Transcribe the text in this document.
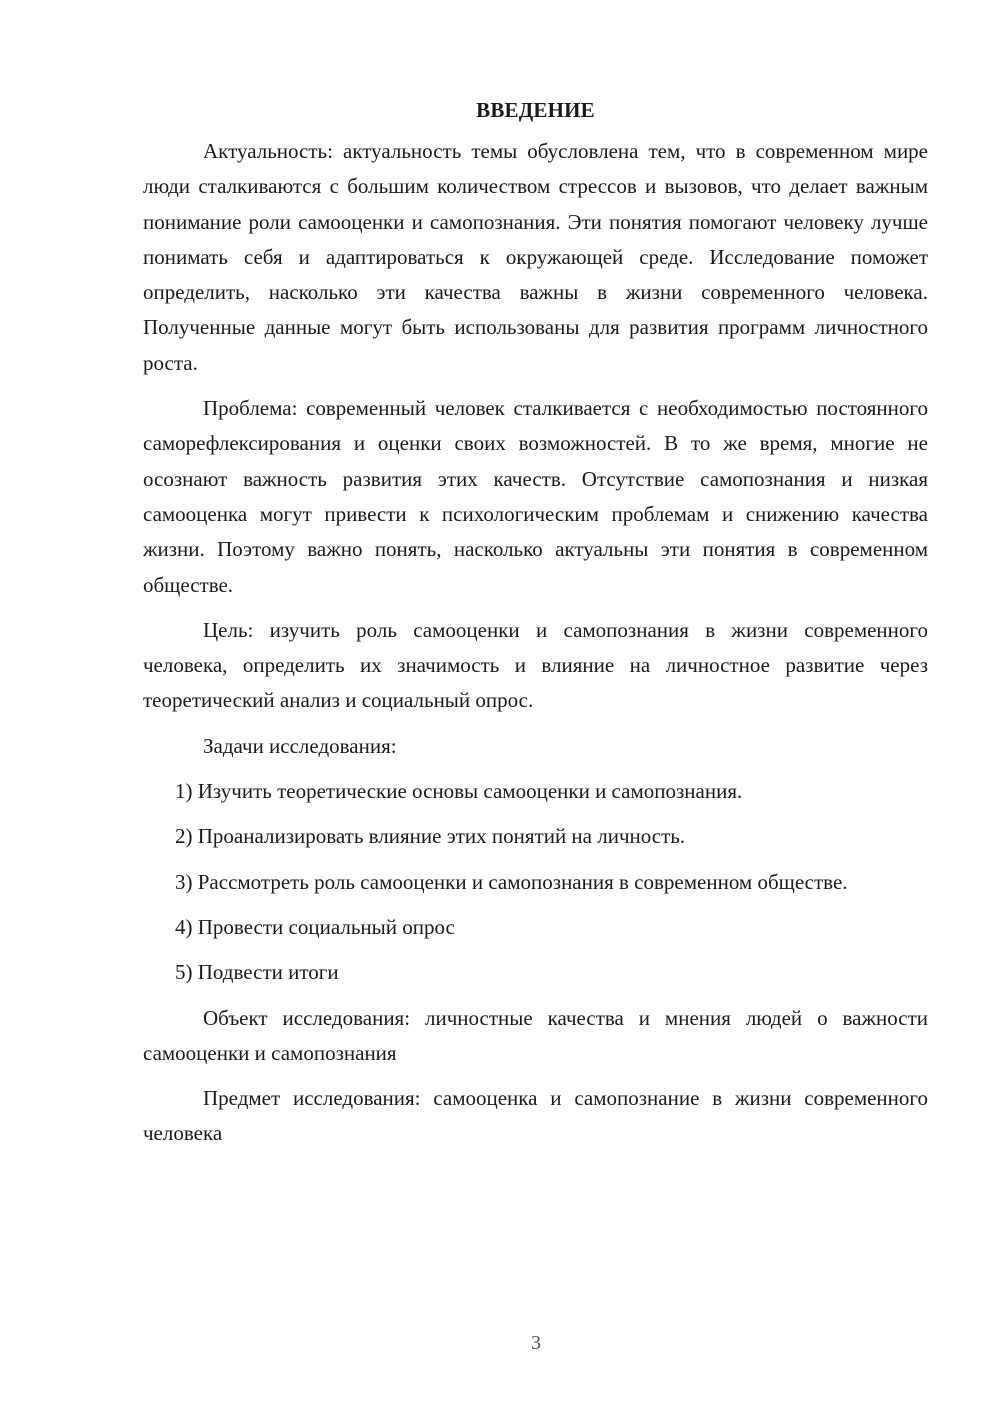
ВВЕДЕНИЕ

Актуальность: актуальность темы обусловлена тем, что в современном мире люди сталкиваются с большим количеством стрессов и вызовов, что делает важным понимание роли самооценки и самопознания. Эти понятия помогают человеку лучше понимать себя и адаптироваться к окружающей среде. Исследование поможет определить, насколько эти качества важны в жизни современного человека. Полученные данные могут быть использованы для развития программ личностного роста.

Проблема: современный человек сталкивается с необходимостью постоянного саморефлексирования и оценки своих возможностей. В то же время, многие не осознают важность развития этих качеств. Отсутствие самопознания и низкая самооценка могут привести к психологическим проблемам и снижению качества жизни. Поэтому важно понять, насколько актуальны эти понятия в современном обществе.

Цель: изучить роль самооценки и самопознания в жизни современного человека, определить их значимость и влияние на личностное развитие через теоретический анализ и социальный опрос.

Задачи исследования:

1) Изучить теоретические основы самооценки и самопознания.

2) Проанализировать влияние этих понятий на личность.

3) Рассмотреть роль самооценки и самопознания в современном обществе.

4) Провести социальный опрос

5) Подвести итоги

Объект исследования: личностные качества и мнения людей о важности самооценки и самопознания

Предмет исследования: самооценка и самопознание в жизни современного человека

3
